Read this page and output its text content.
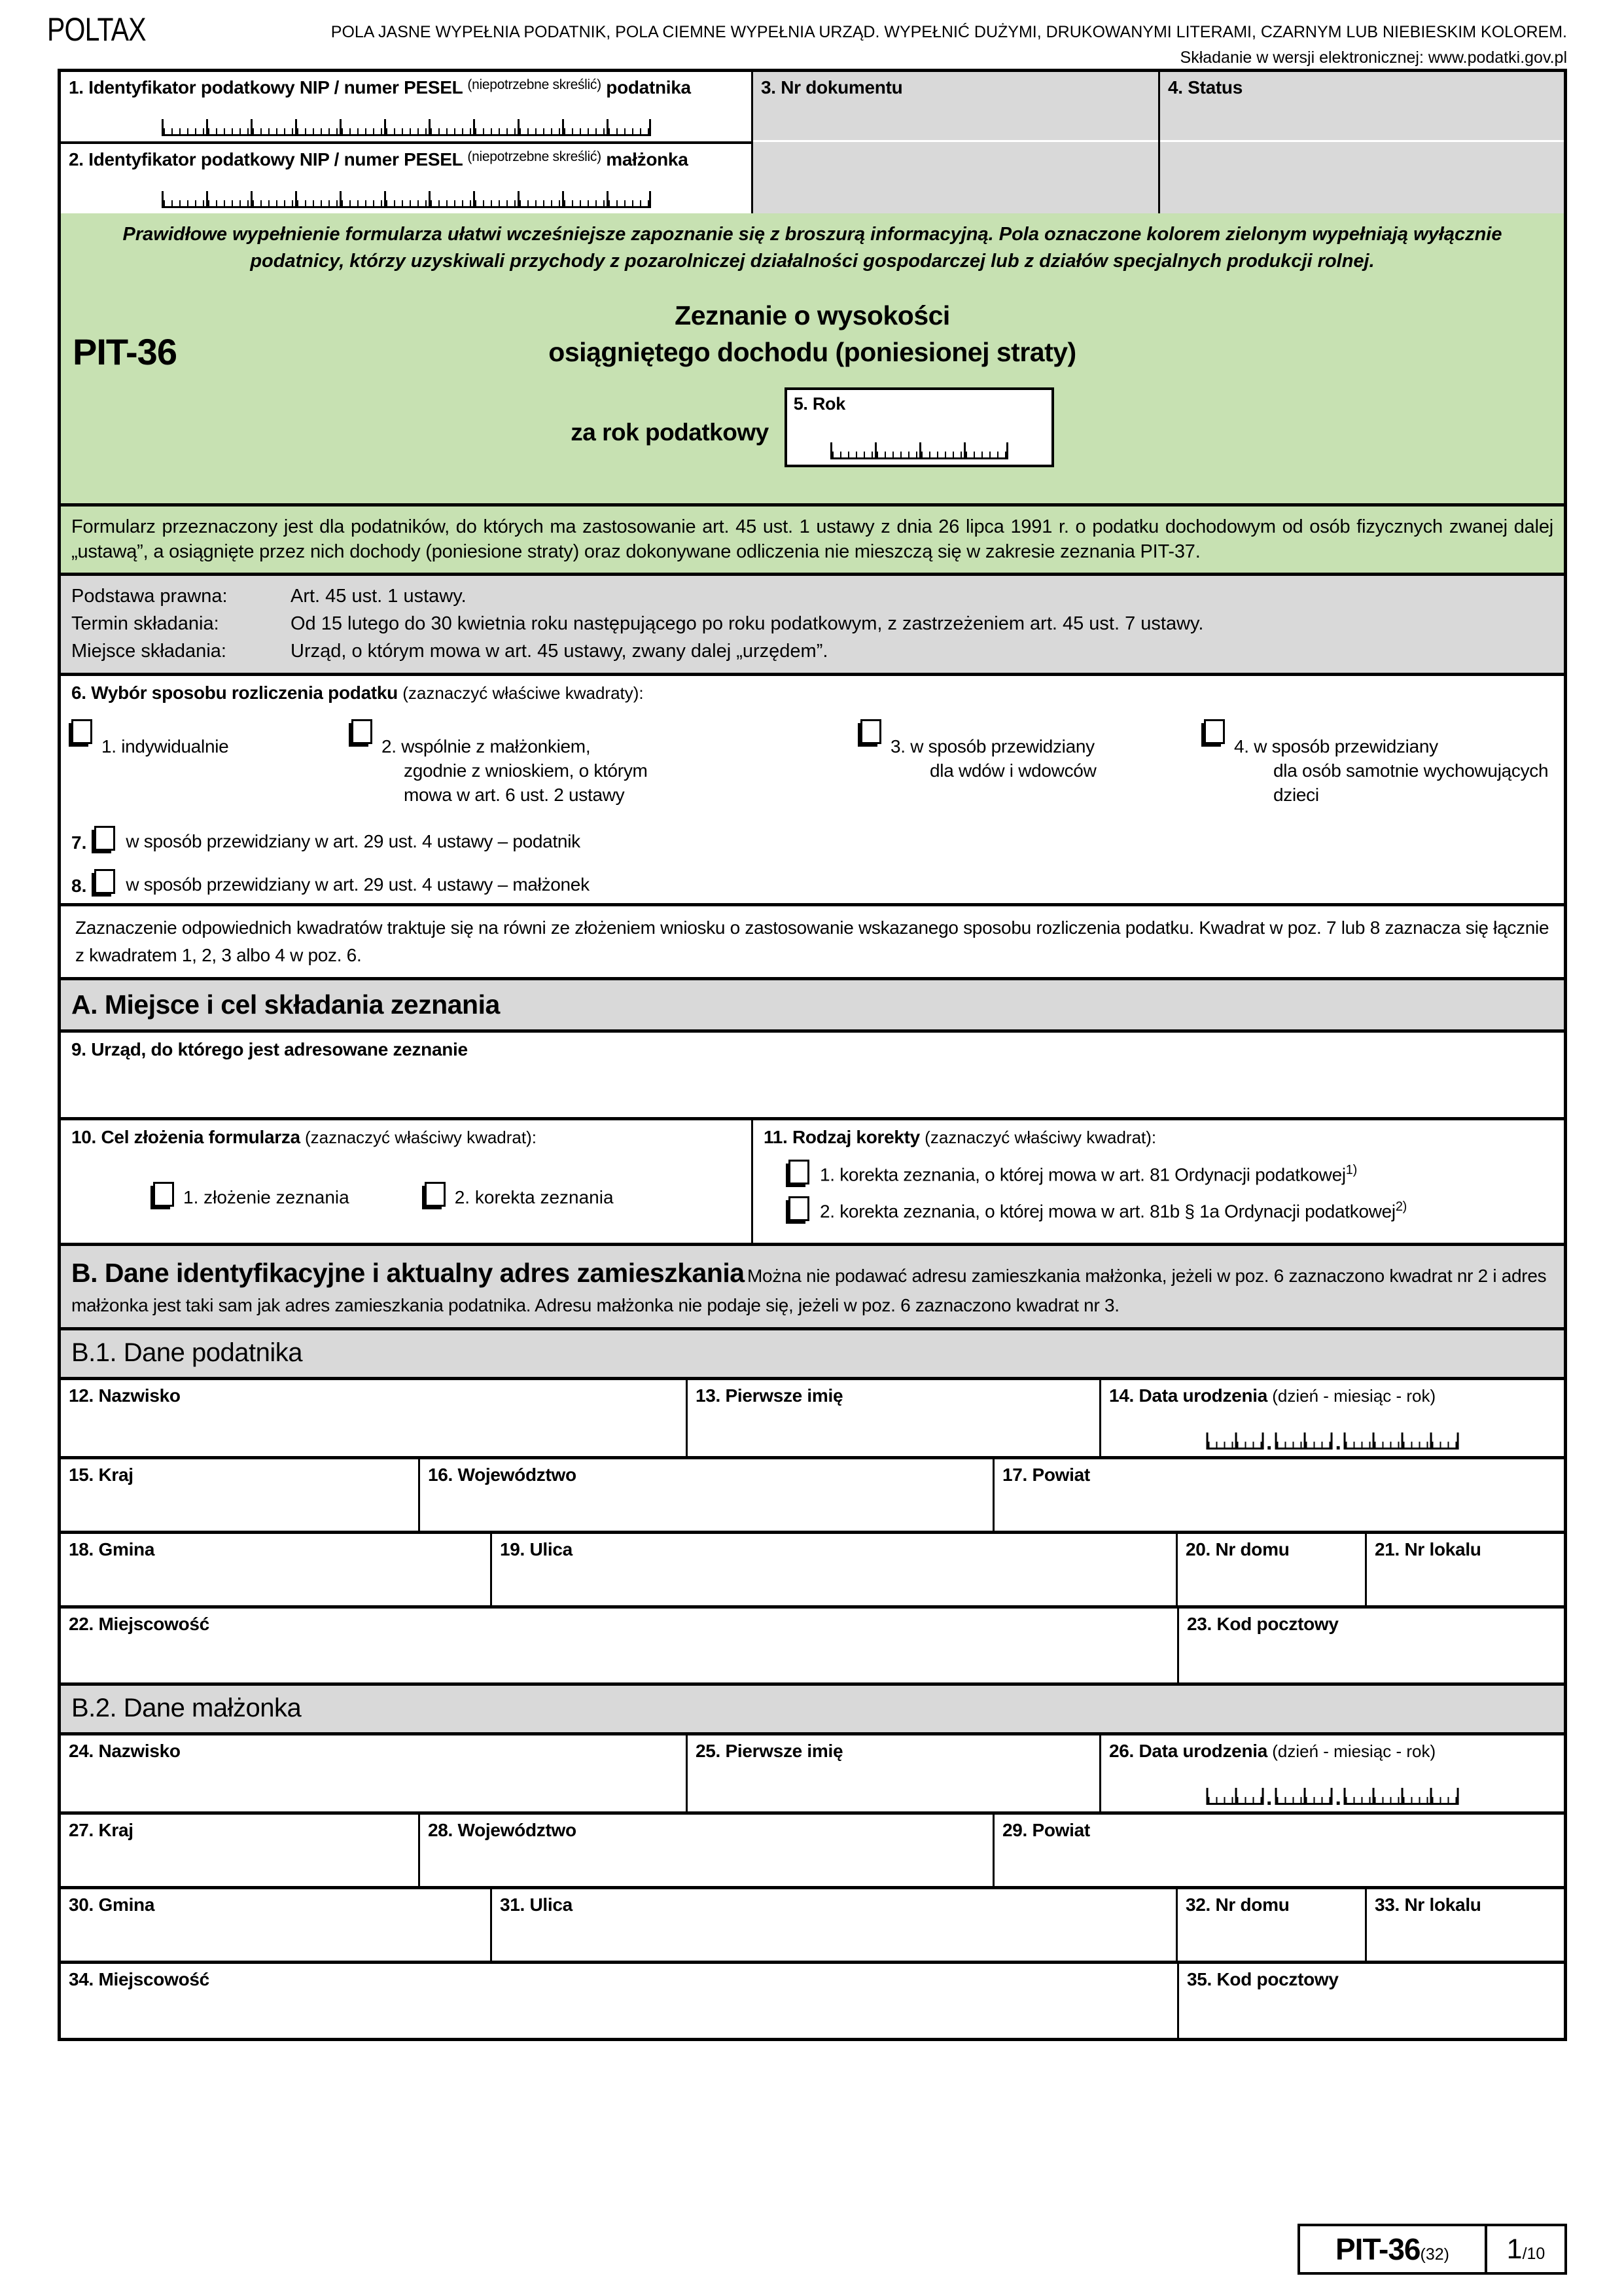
POLTAX	POLA JASNE WYPEŁNIA PODATNIK, POLA CIEMNE WYPEŁNIA URZĄD. WYPEŁNIĆ DUŻYMI, DRUKOWANYMI LITERAMI, CZARNYM LUB NIEBIESKIM KOLOREM.
Składanie w wersji elektronicznej: www.podatki.gov.pl
1. Identyfikator podatkowy NIP / numer PESEL $^{(niepotrzebne skreślić)}$ podatnika
2. Identyfikator podatkowy NIP / numer PESEL $^{(niepotrzebne skreślić)}$ małżonka
3. Nr dokumentu	4. Status
Prawidłowe wypełnienie formularza ułatwi wcześniejsze zapoznanie się z broszurą informacyjną. Pola oznaczone kolorem zielonym wypełniają wyłącznie
podatnicy, którzy uzyskiwali przychody z pozarolniczej działalności gospodarczej lub z działów specjalnych produkcji rolnej.
PIT-36
Zeznanie o wysokości
osiągniętego dochodu (poniesionej straty)
za rok podatkowy
5. Rok
Formularz przeznaczony jest dla podatników, do których ma zastosowanie art. 45 ust. 1 ustawy z dnia 26 lipca 1991 r. o podatku dochodowym od osób fizycznych zwanej dalej „ustawą”, a osiągnięte przez nich dochody (poniesione straty) oraz dokonywane odliczenia nie mieszczą się w zakresie zeznania PIT-37.
Podstawa prawna:	Art. 45 ust. 1 ustawy.
Termin składania:	Od 15 lutego do 30 kwietnia roku następującego po roku podatkowym, z zastrzeżeniem art. 45 ust. 7 ustawy.
Miejsce składania:	Urząd, o którym mowa w art. 45 ustawy, zwany dalej „urzędem”.
6. Wybór sposobu rozliczenia podatku (zaznaczyć właściwe kwadraty):
1. indywidualnie	2. wspólnie z małżonkiem,
zgodnie z wnioskiem, o którym
mowa w art. 6 ust. 2 ustawy
3. w sposób przewidziany
dla wdów i wdowców
4. w sposób przewidziany
dla osób samotnie wychowujących dzieci
7. w sposób przewidziany w art. 29 ust. 4 ustawy – podatnik
8. w sposób przewidziany w art. 29 ust. 4 ustawy – małżonek
Zaznaczenie odpowiednich kwadratów traktuje się na równi ze złożeniem wniosku o zastosowanie wskazanego sposobu rozliczenia podatku. Kwadrat w poz. 7 lub 8 zaznacza się łącznie z kwadratem 1, 2, 3 albo 4 w poz. 6.
A. Miejsce i cel składania zeznania
9. Urząd, do którego jest adresowane zeznanie
10. Cel złożenia formularza (zaznaczyć właściwy kwadrat):
1. złożenie zeznania	2. korekta zeznania
11. Rodzaj korekty (zaznaczyć właściwy kwadrat):
1. korekta zeznania, o której mowa w art. 81 Ordynacji podatkowej$^{1)}$
2. korekta zeznania, o której mowa w art. 81b § 1a Ordynacji podatkowej$^{2)}$
B. Dane identyfikacyjne i aktualny adres zamieszkania Można nie podawać adresu zamieszkania małżonka, jeżeli w poz. 6 zaznaczono kwadrat nr 2 i adres małżonka jest taki sam jak adres zamieszkania podatnika. Adresu małżonka nie podaje się, jeżeli w poz. 6 zaznaczono kwadrat nr 3.
B.1. Dane podatnika
12. Nazwisko	13. Pierwsze imię	14. Data urodzenia (dzień - miesiąc - rok)
.	.
15. Kraj	16. Województwo	17. Powiat
18. Gmina	19. Ulica	20. Nr domu	21. Nr lokalu
22. Miejscowość	23. Kod pocztowy
B.2. Dane małżonka
24. Nazwisko	25. Pierwsze imię	26. Data urodzenia (dzień - miesiąc - rok)
.	.
27. Kraj	28. Województwo	29. Powiat
30. Gmina	31. Ulica	32. Nr domu	33. Nr lokalu
34. Miejscowość	35. Kod pocztowy
PIT-36 (32) 1 /10
